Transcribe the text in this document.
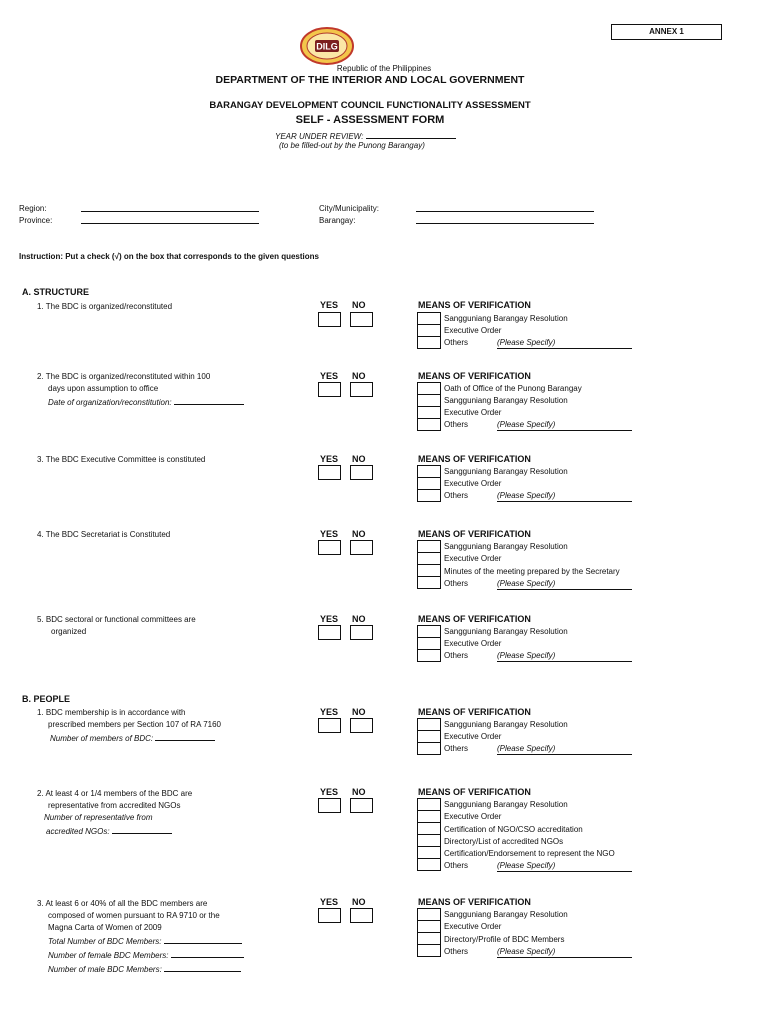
ANNEX 1
DILG
Republic of the Philippines
DEPARTMENT OF THE INTERIOR AND LOCAL GOVERNMENT
BARANGAY DEVELOPMENT COUNCIL FUNCTIONALITY ASSESSMENT
SELF - ASSESSMENT FORM
YEAR UNDER REVIEW:
(to be filled-out by the Punong Barangay)
Region:
Province:
City/Municipality:
Barangay:
Instruction: Put a check (√) on the box that corresponds to the given questions
A. STRUCTURE
1. The BDC is organized/reconstituted	YES NO	MEANS OF VERIFICATION
Sangguniang Barangay Resolution
Executive Order
Others	(Please Specify)
2. The BDC is organized/reconstituted within 100
days upon assumption to office
Date of organization/reconstitution:
YES NO	MEANS OF VERIFICATION
Oath of Office of the Punong Barangay
Sangguniang Barangay Resolution
Executive Order
Others	(Please Specify)
3. The BDC Executive Committee is constituted	YES NO	MEANS OF VERIFICATION
Sangguniang Barangay Resolution
Executive Order
Others	(Please Specify)
4. The BDC Secretariat is Constituted	YES NO	MEANS OF VERIFICATION
Sangguniang Barangay Resolution
Executive Order
Minutes of the meeting prepared by the Secretary
Others	(Please Specify)
5. BDC sectoral or functional committees are
organized
YES NO	MEANS OF VERIFICATION
Sangguniang Barangay Resolution
Executive Order
Others	(Please Specify)
B. PEOPLE
1. BDC membership is in accordance with
prescribed members per Section 107 of RA 7160
Number of members of BDC:
YES NO	MEANS OF VERIFICATION
Sangguniang Barangay Resolution
Executive Order
Others	(Please Specify)
2. At least 4 or 1/4 members of the BDC are
representative from accredited NGOs
Number of representative from
accredited NGOs:
YES NO	MEANS OF VERIFICATION
Sangguniang Barangay Resolution
Executive Order
Certification of NGO/CSO accreditation
Directory/List of accredited NGOs
Certification/Endorsement to represent the NGO
Others	(Please Specify)
3. At least 6 or 40% of all the BDC members are
composed of women pursuant to RA 9710 or the
Magna Carta of Women of 2009
Total Number of BDC Members:
Number of female BDC Members:
Number of male BDC Members:
YES NO	MEANS OF VERIFICATION
Sangguniang Barangay Resolution
Executive Order
Directory/Profile of BDC Members
Others	(Please Specify)
